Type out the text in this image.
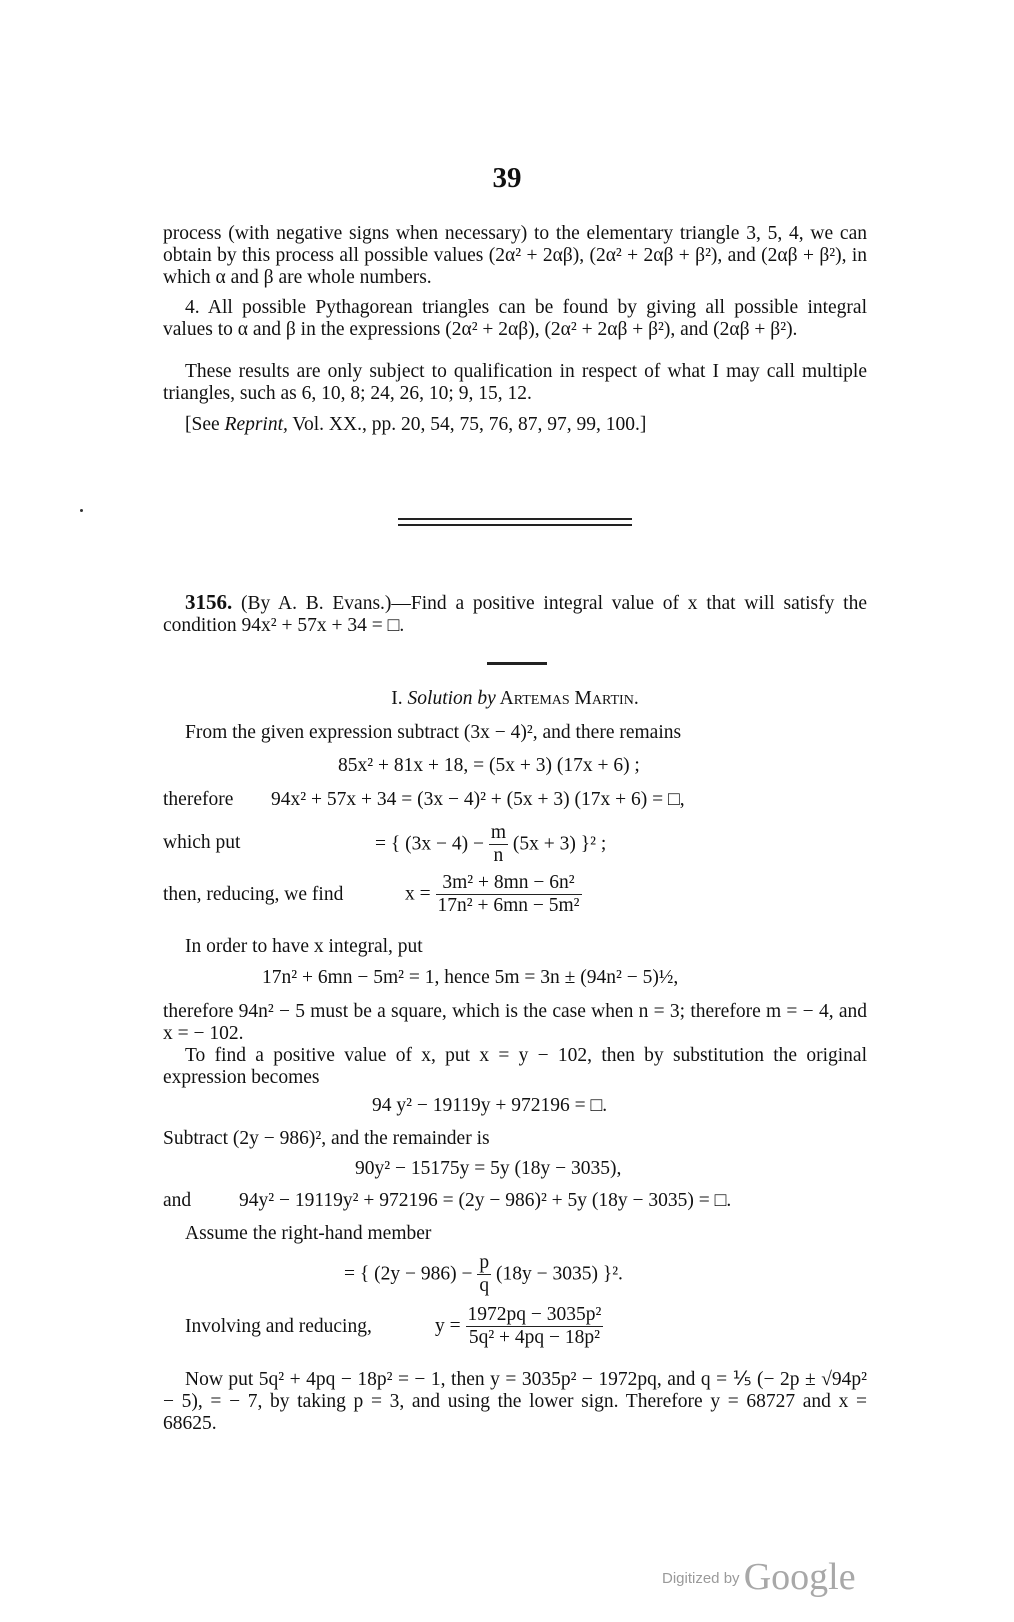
39
process (with negative signs when necessary) to the elementary triangle 3, 5, 4, we can obtain by this process all possible values (2α² + 2αβ), (2α² + 2αβ + β²), and (2αβ + β²), in which α and β are whole numbers.
4. All possible Pythagorean triangles can be found by giving all possible integral values to α and β in the expressions (2α² + 2αβ), (2α² + 2αβ + β²), and (2αβ + β²).
These results are only subject to qualification in respect of what I may call multiple triangles, such as 6, 10, 8; 24, 26, 10; 9, 15, 12.
[See Reprint, Vol. XX., pp. 20, 54, 75, 76, 87, 97, 99, 100.]
3156. (By A. B. Evans.)—Find a positive integral value of x that will satisfy the condition 94x² + 57x + 34 = □.
I. Solution by Artemas Martin.
From the given expression subtract (3x − 4)², and there remains
85x² + 81x + 18, = (5x + 3) (17x + 6) ;
therefore 94x² + 57x + 34 = (3x − 4)² + (5x + 3) (17x + 6) = □,
which put	= { $(3x - 4) - \frac{m}{n} (5x + 3)$ }² ;
then, reducing, we find	$x = \frac{\text{3m² + 8mn − 6n²}}{\text{17n² + 6mn − 5m²}}$
In order to have x integral, put
17n² + 6mn − 5m² = 1, hence 5m = 3n ± (94n² − 5)½,
therefore 94n² − 5 must be a square, which is the case when n = 3; therefore m = − 4, and x = − 102.
To find a positive value of x, put x = y − 102, then by substitution the original expression becomes
94 y² − 19119y + 972196 = □.
Subtract (2y − 986)², and the remainder is
90y² − 15175y = 5y (18y − 3035),
and 94y² − 19119y² + 972196 = (2y − 986)² + 5y (18y − 3035) = □.
Assume the right-hand member
= { $(2y - 986) - \frac{p}{q} (18y - 3035)$ }².
Involving and reducing,	$y = \frac{\text{1972pq − 3035p²}}{\text{5q² + 4pq − 18p²}}$
Now put 5q² + 4pq − 18p² = − 1, then y = 3035p² − 1972pq, and q = ⅕ (− 2p ± √94p² − 5), = − 7, by taking p = 3, and using the lower sign. Therefore y = 68727 and x = 68625.
Digitized by Google
